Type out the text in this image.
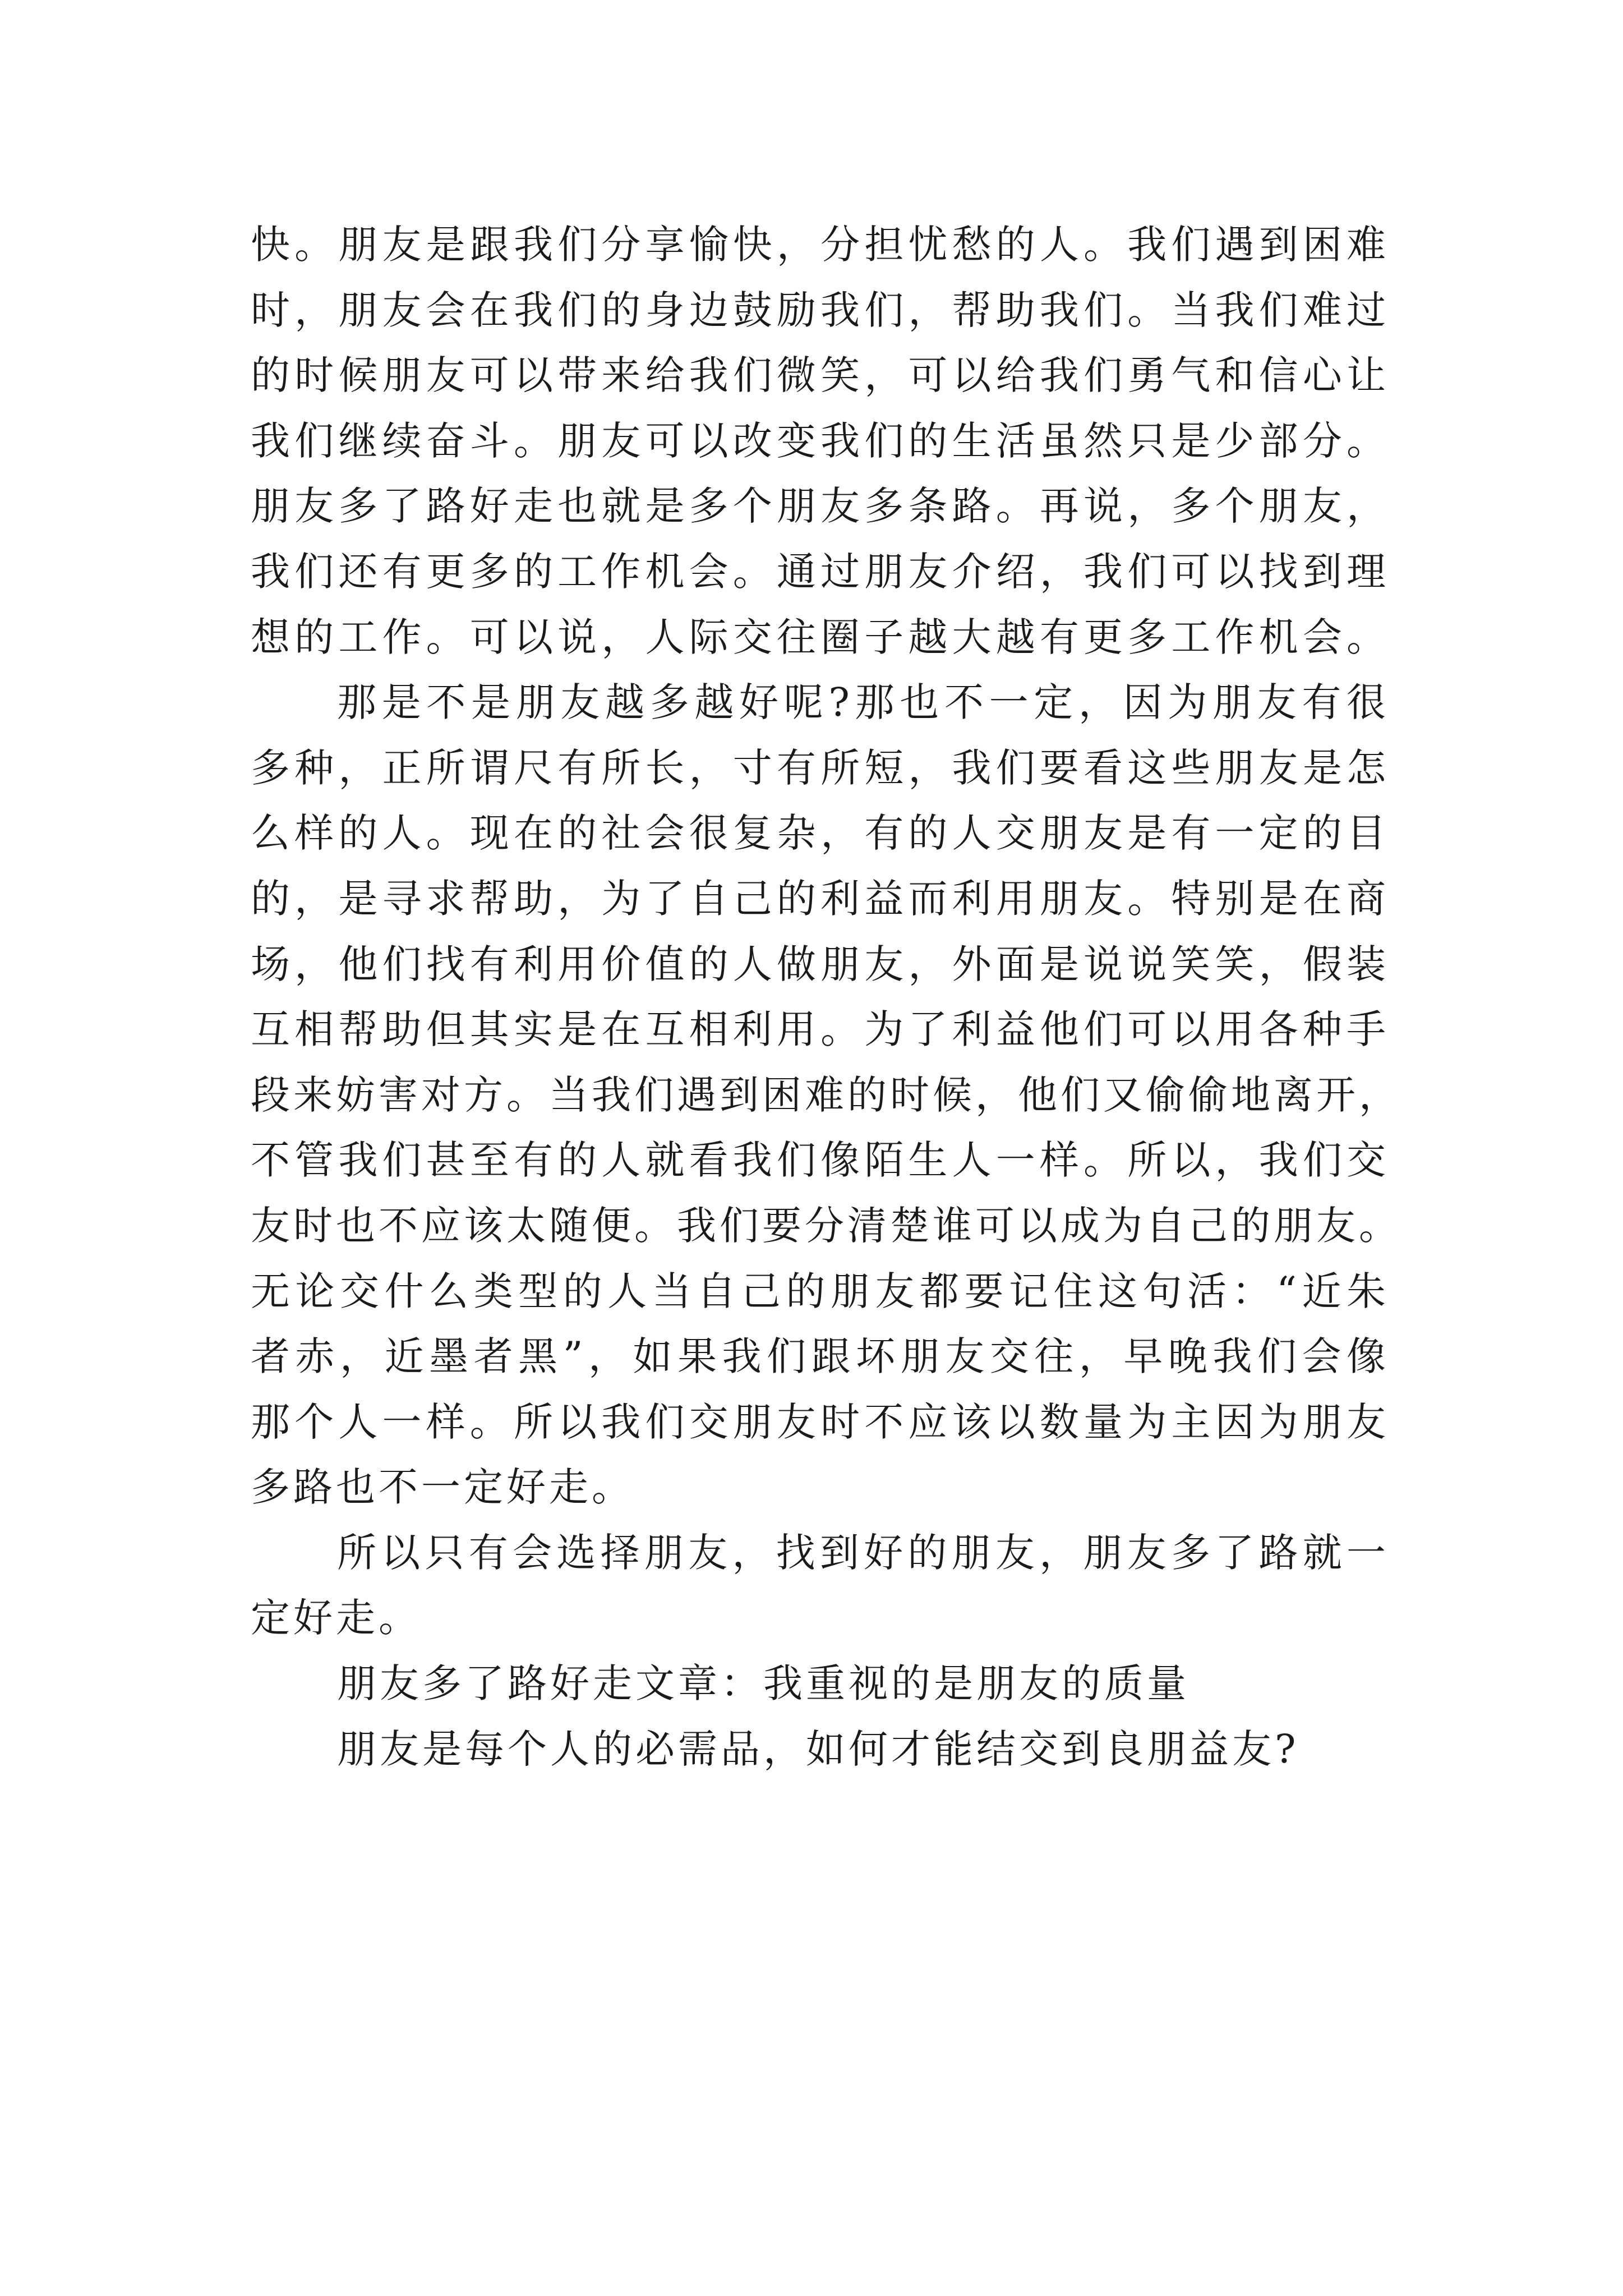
快。朋友是跟我们分享愉快，分担忧愁的人。我们遇到困难
时，朋友会在我们的身边鼓励我们，帮助我们。当我们难过
的时候朋友可以带来给我们微笑，可以给我们勇气和信心让
我们继续奋斗。朋友可以改变我们的生活虽然只是少部分。
朋友多了路好走也就是多个朋友多条路。再说，多个朋友，
我们还有更多的工作机会。通过朋友介绍，我们可以找到理
想的工作。可以说，人际交往圈子越大越有更多工作机会。
那是不是朋友越多越好呢?那也不一定，因为朋友有很
多种，正所谓尺有所长，寸有所短，我们要看这些朋友是怎
么样的人。现在的社会很复杂，有的人交朋友是有一定的目
的，是寻求帮助，为了自己的利益而利用朋友。特别是在商
场，他们找有利用价值的人做朋友，外面是说说笑笑，假装
互相帮助但其实是在互相利用。为了利益他们可以用各种手
段来妨害对方。当我们遇到困难的时候，他们又偷偷地离开，
不管我们甚至有的人就看我们像陌生人一样。所以，我们交
友时也不应该太随便。我们要分清楚谁可以成为自己的朋友。
无论交什么类型的人当自己的朋友都要记住这句活：“近朱
者赤，近墨者黑”，如果我们跟坏朋友交往，早晚我们会像
那个人一样。所以我们交朋友时不应该以数量为主因为朋友
多路也不一定好走。
所以只有会选择朋友，找到好的朋友，朋友多了路就一
定好走。
朋友多了路好走文章：我重视的是朋友的质量
朋友是每个人的必需品，如何才能结交到良朋益友?
